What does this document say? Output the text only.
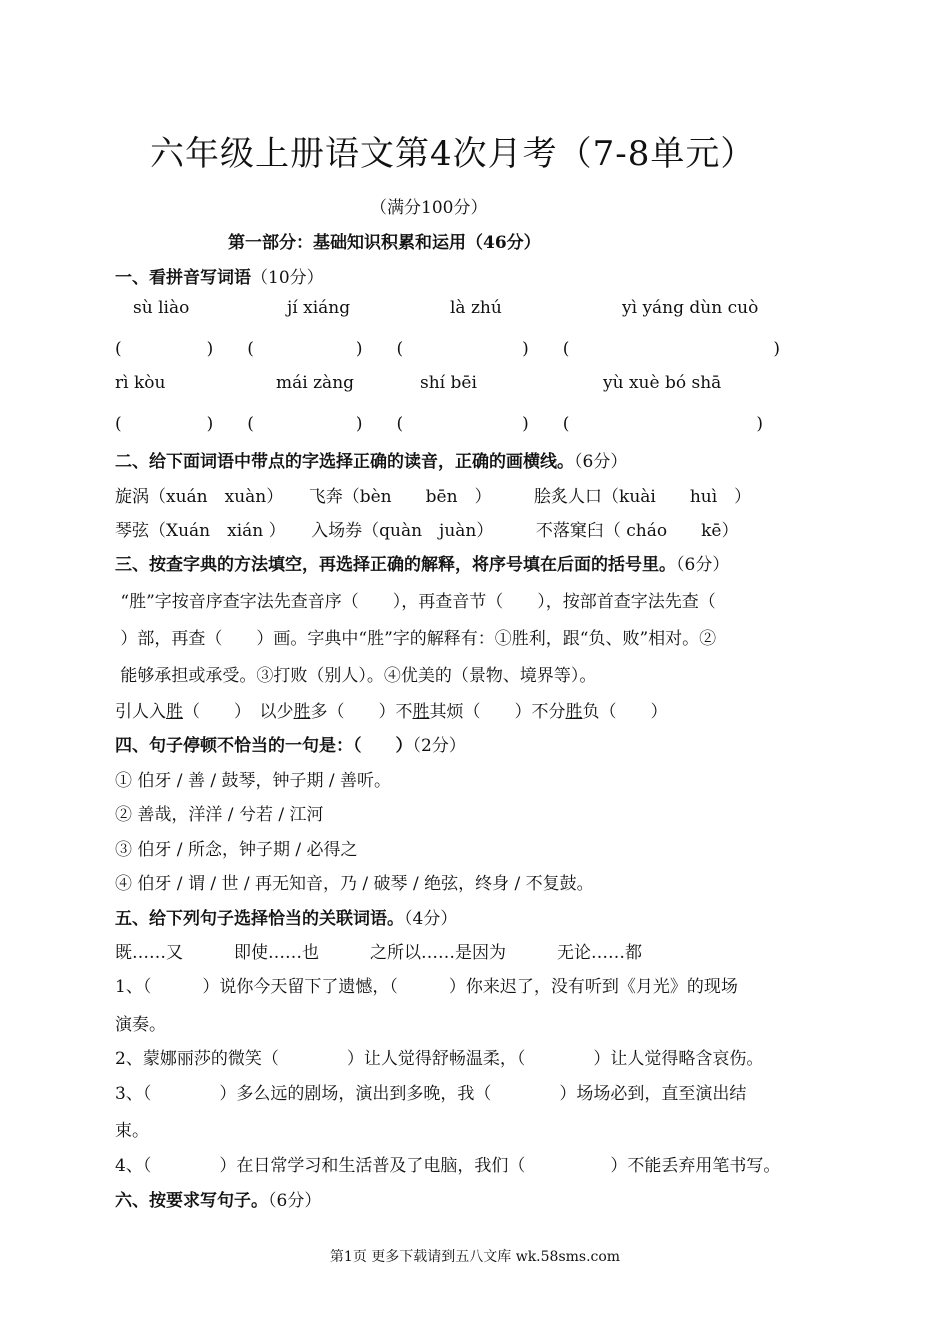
六年级上册语文第4次月考（7-8单元）
（满分100分）
第一部分：基础知识积累和运用（46分）
一、看拼音写词语（10分）
sù liào	jí xiáng	là zhú	yì yáng dùn cuò
(　　　　　)　　(　　　　　　)　　(　　　　　　　)　　(　　　　　　　　　　　　)
rì kòu	mái zàng	shí bēi	yù xuè bó shā
(　　　　　)　　(　　　　　　)　　(　　　　　　　)　　(　　　　　　　　　　　)
二、给下面词语中带点的字选择正确的读音，正确的画横线。（6分）
旋涡（xuán　xuàn）　　飞奔（bèn　　bēn　）　　　脍炙人口（kuài　　huì　）
琴弦（Xuán　xián ）　　入场券（quàn　juàn）　　　不落窠臼（ cháo　　kē）
三、按查字典的方法填空，再选择正确的解释，将序号填在后面的括号里。（6分）
“胜”字按音序查字法先查音序（　　），再查音节（　　），按部首查字法先查（
）部，再查（　　）画。字典中“胜”字的解释有：①胜利，跟“负、败”相对。②
能够承担或承受。③打败（别人）。④优美的（景物、境界等）。
引人入胜（　　）　以少胜多（　　）不胜其烦（　　）不分胜负（　　）
四、句子停顿不恰当的一句是：（　　）（2分）
① 伯牙 / 善 / 鼓琴，钟子期 / 善听。
② 善哉，洋洋 / 兮若 / 江河
③ 伯牙 / 所念，钟子期 / 必得之
④ 伯牙 / 谓 / 世 / 再无知音，乃 / 破琴 / 绝弦，终身 / 不复鼓。
五、给下列句子选择恰当的关联词语。（4分）
既……又　　　即使……也　　　之所以……是因为　　　无论……都
1、（　　　）说你今天留下了遗憾，（　　　）你来迟了，没有听到《月光》的现场
演奏。
2、蒙娜丽莎的微笑（　　　　）让人觉得舒畅温柔，（　　　　）让人觉得略含哀伤。
3、（　　　　）多么远的剧场，演出到多晚，我（　　　　）场场必到，直至演出结
束。
4、（　　　　）在日常学习和生活普及了电脑，我们（　　　　　）不能丢弃用笔书写。
六、按要求写句子。（6分）
第1页 更多下载请到五八文库 wk.58sms.com
